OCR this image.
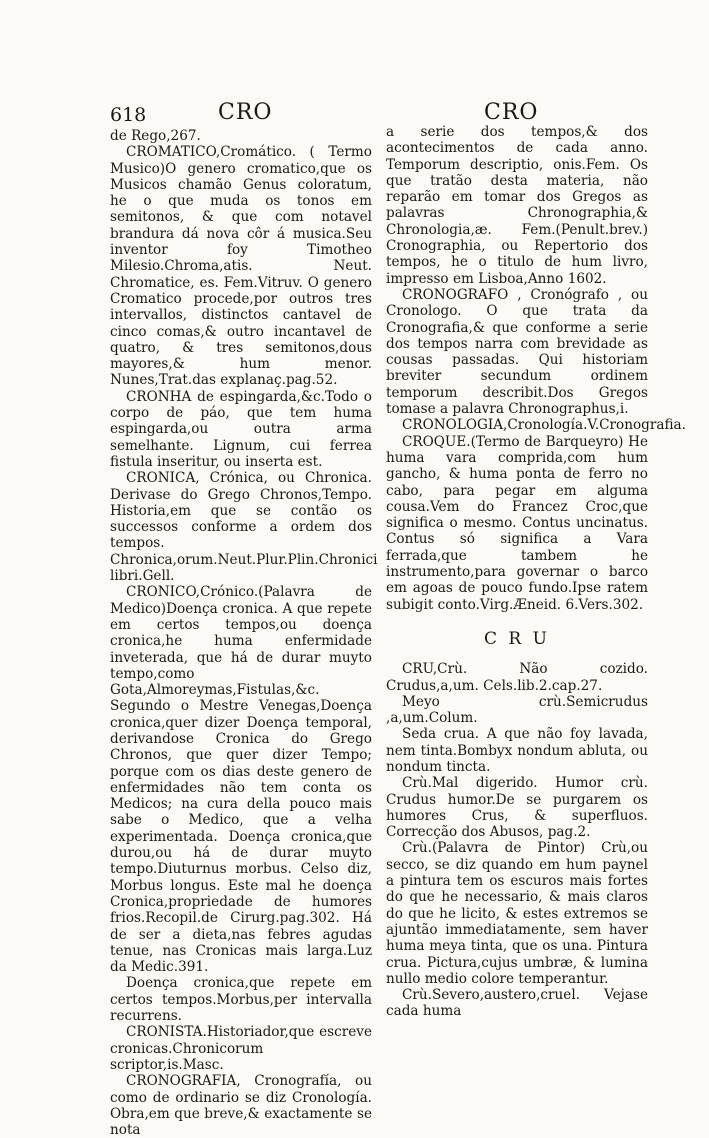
618	CRO	CRO

de Rego,267.

CROMATICO,Cromático. ( Termo Musico)O genero cromatico,que os Musicos chamão Genus coloratum, he o que muda os tonos em semitonos, & que com notavel brandura dá nova côr á musica.Seu inventor foy Timotheo Milesio.Chroma,atis. Neut. Chromatice, es. Fem.Vitruv. O genero Cromatico procede,por outros tres intervallos, distinctos cantavel de cinco comas,& outro incantavel de quatro, & tres semitonos,dous mayores,& hum menor. Nunes,Trat.das explanaç.pag.52.

CRONHA de espingarda,&c.Todo o corpo de páo, que tem huma espingarda,ou outra arma semelhante. Lignum, cui ferrea fistula inseritur, ou inserta est.

CRONICA, Crónica, ou Chronica. Derivase do Grego Chronos,Tempo. Historia,em que se contão os successos conforme a ordem dos tempos. Chronica,orum.Neut.Plur.Plin.Chronici libri.Gell.

CRONICO,Crónico.(Palavra de Medico)Doença cronica. A que repete em certos tempos,ou doença cronica,he huma enfermidade inveterada, que há de durar muyto tempo,como Gota,Almoreymas,Fistulas,&c. Segundo o Mestre Venegas,Doença cronica,quer dizer Doença temporal, derivandose Cronica do Grego Chronos, que quer dizer Tempo; porque com os dias deste genero de enfermidades não tem conta os Medicos; na cura della pouco mais sabe o Medico, que a velha experimentada. Doença cronica,que durou,ou há de durar muyto tempo.Diuturnus morbus. Celso diz, Morbus longus. Este mal he doença Cronica,propriedade de humores frios.Recopil.de Cirurg.pag.302. Há de ser a dieta,nas febres agudas tenue, nas Cronicas mais larga.Luz da Medic.391.

Doença cronica,que repete em certos tempos.Morbus,per intervalla recurrens.

CRONISTA.Historiador,que escreve cronicas.Chronicorum scriptor,is.Masc.

CRONOGRAFIA, Cronografía, ou como de ordinario se diz Cronología. Obra,em que breve,& exactamente se nota

a serie dos tempos,& dos acontecimentos de cada anno. Temporum descriptio, onis.Fem. Os que tratão desta materia, não reparão em tomar dos Gregos as palavras Chronographia,& Chronologia,æ. Fem.(Penult.brev.) Cronographia, ou Repertorio dos tempos, he o titulo de hum livro, impresso em Lisboa,Anno 1602.

CRONOGRAFO , Cronógrafo , ou Cronologo. O que trata da Cronografia,& que conforme a serie dos tempos narra com brevidade as cousas passadas. Qui historiam breviter secundum ordinem temporum describit.Dos Gregos tomase a palavra Chronographus,i.

CRONOLOGIA,Cronología.V.Cronografia.

CROQUE.(Termo de Barqueyro) He huma vara comprida,com hum gancho, & huma ponta de ferro no cabo, para pegar em alguma cousa.Vem do Francez Croc,que significa o mesmo. Contus uncinatus. Contus só significa a Vara ferrada,que tambem he instrumento,para governar o barco em agoas de pouco fundo.Ipse ratem subigit conto.Virg.Æneid. 6.Vers.302.

C R U

CRU,Crù. Não cozido. Crudus,a,um. Cels.lib.2.cap.27.

Meyo crù.Semicrudus ,a,um.Colum.

Seda crua. A que não foy lavada, nem tinta.Bombyx nondum abluta, ou nondum tincta.

Crù.Mal digerido. Humor crù. Crudus humor.De se purgarem os humores Crus, & superfluos. Correcção dos Abusos, pag.2.

Crù.(Palavra de Pintor) Crù,ou secco, se diz quando em hum paynel a pintura tem os escuros mais fortes do que he necessario, & mais claros do que he licito, & estes extremos se ajuntão immediatamente, sem haver huma meya tinta, que os una. Pintura crua. Pictura,cujus umbræ, & lumina nullo medio colore temperantur.

Crù.Severo,austero,cruel. Vejase cada huma
